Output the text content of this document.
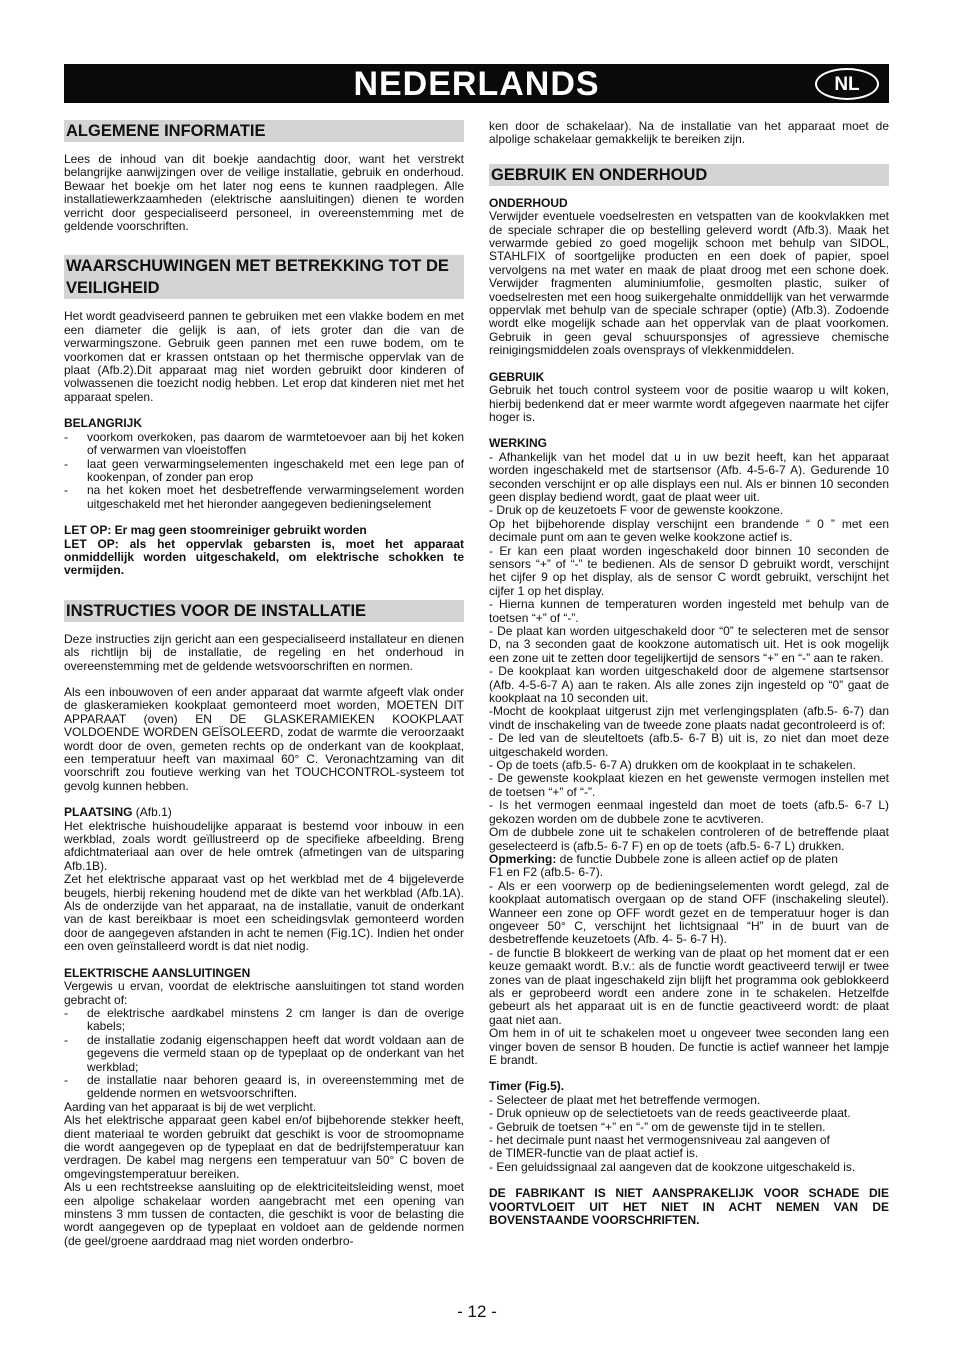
NEDERLANDS	NL
ALGEMENE INFORMATIE

Lees de inhoud van dit boekje aandachtig door, want het verstrekt belangrijke aanwijzingen over de veilige installatie, gebruik en onderhoud. Bewaar het boekje om het later nog eens te kunnen raadplegen. Alle installatiewerkzaamheden (elektrische aansluitingen) dienen te worden verricht door gespecialiseerd personeel, in overeenstemming met de geldende voorschriften.

WAARSCHUWINGEN MET BETREKKING TOT DE VEILIGHEID

Het wordt geadviseerd pannen te gebruiken met een vlakke bodem en met een diameter die gelijk is aan, of iets groter dan die van de verwarmingszone. Gebruik geen pannen met een ruwe bodem, om te voorkomen dat er krassen ontstaan op het thermische oppervlak van de plaat (Afb.2).Dit apparaat mag niet worden gebruikt door kinderen of volwassenen die toezicht nodig hebben. Let erop dat kinderen niet met het apparaat spelen.

BELANGRIJK
- voorkom overkoken, pas daarom de warmtetoevoer aan bij het koken of verwarmen van vloeistoffen
- laat geen verwarmingselementen ingeschakeld met een lege pan of kookenpan, of zonder pan erop
- na het koken moet het desbetreffende verwarmingselement worden uitgeschakeld met het hieronder aangegeven bedieningselement

LET OP: Er mag geen stoomreiniger gebruikt worden

LET OP: als het oppervlak gebarsten is, moet het apparaat onmiddellijk worden uitgeschakeld, om elektrische schokken te vermijden.

INSTRUCTIES VOOR DE INSTALLATIE

Deze instructies zijn gericht aan een gespecialiseerd installateur en dienen als richtlijn bij de installatie, de regeling en het onderhoud in overeenstemming met de geldende wetsvoorschriften en normen.

Als een inbouwoven of een ander apparaat dat warmte afgeeft vlak onder de glaskeramieken kookplaat gemonteerd moet worden, MOETEN DIT APPARAAT (oven) EN DE GLASKERAMIEKEN KOOKPLAAT VOLDOENDE WORDEN GEÏSOLEERD, zodat de warmte die veroorzaakt wordt door de oven, gemeten rechts op de onderkant van de kookplaat, een temperatuur heeft van maximaal 60° C. Veronachtzaming van dit voorschrift zou foutieve werking van het TOUCHCONTROL-systeem tot gevolg kunnen hebben.

PLAATSING (Afb.1)

Het elektrische huishoudelijke apparaat is bestemd voor inbouw in een werkblad, zoals wordt geïllustreerd op de specifieke afbeelding. Breng afdichtmateriaal aan over de hele omtrek (afmetingen van de uitsparing Afb.1B).

Zet het elektrische apparaat vast op het werkblad met de 4 bijgeleverde beugels, hierbij rekening houdend met de dikte van het werkblad (Afb.1A). Als de onderzijde van het apparaat, na de installatie, vanuit de onderkant van de kast bereikbaar is moet een scheidingsvlak gemonteerd worden door de aangegeven afstanden in acht te nemen (Fig.1C). Indien het onder een oven geïnstalleerd wordt is dat niet nodig.

ELEKTRISCHE AANSLUITINGEN

Vergewis u ervan, voordat de elektrische aansluitingen tot stand worden gebracht of:

- de elektrische aardkabel minstens 2 cm langer is dan de overige kabels;
- de installatie zodanig eigenschappen heeft dat wordt voldaan aan de gegevens die vermeld staan op de typeplaat op de onderkant van het werkblad;
- de installatie naar behoren geaard is, in overeenstemming met de geldende normen en wetsvoorschriften.

Aarding van het apparaat is bij de wet verplicht.

Als het elektrische apparaat geen kabel en/of bijbehorende stekker heeft, dient materiaal te worden gebruikt dat geschikt is voor de stroomopname die wordt aangegeven op de typeplaat en dat de bedrijfstemperatuur kan verdragen. De kabel mag nergens een temperatuur van 50° C boven de omgevingstemperatuur bereiken.

Als u een rechtstreekse aansluiting op de elektriciteitsleiding wenst, moet een alpolige schakelaar worden aangebracht met een opening van minstens 3 mm tussen de contacten, die geschikt is voor de belasting die wordt aangegeven op de typeplaat en voldoet aan de geldende normen (de geel/groene aarddraad mag niet worden onderbro-

ken door de schakelaar). Na de installatie van het apparaat moet de alpolige schakelaar gemakkelijk te bereiken zijn.

GEBRUIK EN ONDERHOUD
ONDERHOUD

Verwijder eventuele voedselresten en vetspatten van de kookvlakken met de speciale schraper die op bestelling geleverd wordt (Afb.3). Maak het verwarmde gebied zo goed mogelijk schoon met behulp van SIDOL, STAHLFIX of soortgelijke producten en een doek of papier, spoel vervolgens na met water en maak de plaat droog met een schone doek. Verwijder fragmenten aluminiumfolie, gesmolten plastic, suiker of voedselresten met een hoog suikergehalte onmiddellijk van het verwarmde oppervlak met behulp van de speciale schraper (optie) (Afb.3). Zodoende wordt elke mogelijk schade aan het oppervlak van de plaat voorkomen. Gebruik in geen geval schuursponsjes of agressieve chemische reinigingsmiddelen zoals ovensprays of vlekkenmiddelen.

GEBRUIK

Gebruik het touch control systeem voor de positie waarop u wilt koken, hierbij bedenkend dat er meer warmte wordt afgegeven naarmate het cijfer hoger is.

WERKING

- Afhankelijk van het model dat u in uw bezit heeft, kan het apparaat worden ingeschakeld met de startsensor (Afb. 4-5-6-7 A). Gedurende 10 seconden verschijnt er op alle displays een nul. Als er binnen 10 seconden geen display bediend wordt, gaat de plaat weer uit.

- Druk op de keuzetoets F voor de gewenste kookzone.

Op het bijbehorende display verschijnt een brandende “ 0 ” met een decimale punt om aan te geven welke kookzone actief is.

- Er kan een plaat worden ingeschakeld door binnen 10 seconden de sensors “+” of “-” te bedienen. Als de sensor D gebruikt wordt, verschijnt het cijfer 9 op het display, als de sensor C wordt gebruikt, verschijnt het cijfer 1 op het display.

- Hierna kunnen de temperaturen worden ingesteld met behulp van de toetsen “+” of “-”.

- De plaat kan worden uitgeschakeld door “0” te selecteren met de sensor D, na 3 seconden gaat de kookzone automatisch uit. Het is ook mogelijk een zone uit te zetten door tegelijkertijd de sensors “+” en “-” aan te raken.

- De kookplaat kan worden uitgeschakeld door de algemene startsensor (Afb. 4-5-6-7 A) aan te raken. Als alle zones zijn ingesteld op “0” gaat de kookplaat na 10 seconden uit.

-Mocht de kookplaat uitgerust zijn met verlengingsplaten (afb.5- 6-7) dan vindt de inschakeling van de tweede zone plaats nadat gecontroleerd is of:

- De led van de sleuteltoets (afb.5- 6-7 B) uit is, zo niet dan moet deze uitgeschakeld worden.

- Op de toets (afb.5- 6-7 A) drukken om de kookplaat in te schakelen.

- De gewenste kookplaat kiezen en het gewenste vermogen instellen met de toetsen “+” of “-”.

- Is het vermogen eenmaal ingesteld dan moet de toets (afb.5- 6-7 L) gekozen worden om de dubbele zone te acvtiveren.

Om de dubbele zone uit te schakelen controleren of de betreffende plaat geselecteerd is (afb.5- 6-7 F) en op de toets (afb.5- 6-7 L) drukken.

Opmerking: de functie Dubbele zone is alleen actief op de platen

F1 en F2 (afb.5- 6-7).

- Als er een voorwerp op de bedieningselementen wordt gelegd, zal de kookplaat automatisch overgaan op de stand OFF (inschakeling sleutel). Wanneer een zone op OFF wordt gezet en de temperatuur hoger is dan ongeveer 50° C, verschijnt het lichtsignaal “H” in de buurt van de desbetreffende keuzetoets (Afb. 4- 5- 6-7 H).

- de functie B blokkeert de werking van de plaat op het moment dat er een keuze gemaakt wordt. B.v.: als de functie wordt geactiveerd terwijl er twee zones van de plaat ingeschakeld zijn blijft het programma ook geblokkeerd als er geprobeerd wordt een andere zone in te schakelen. Hetzelfde gebeurt als het apparaat uit is en de functie geactiveerd wordt: de plaat gaat niet aan.

Om hem in of uit te schakelen moet u ongeveer twee seconden lang een vinger boven de sensor B houden. De functie is actief wanneer het lampje E brandt.

Timer (Fig.5).

- Selecteer de plaat met het betreffende vermogen.

- Druk opnieuw op de selectietoets van de reeds geactiveerde plaat.

- Gebruik de toetsen “+” en “-” om de gewenste tijd in te stellen.

- het decimale punt naast het vermogensniveau zal aangeven of

de TIMER-functie van de plaat actief is.

- Een geluidssignaal zal aangeven dat de kookzone uitgeschakeld is.

DE FABRIKANT IS NIET AANSPRAKELIJK VOOR SCHADE DIE VOORTVLOEIT UIT HET NIET IN ACHT NEMEN VAN DE BOVENSTAANDE VOORSCHRIFTEN.

- 12 -
